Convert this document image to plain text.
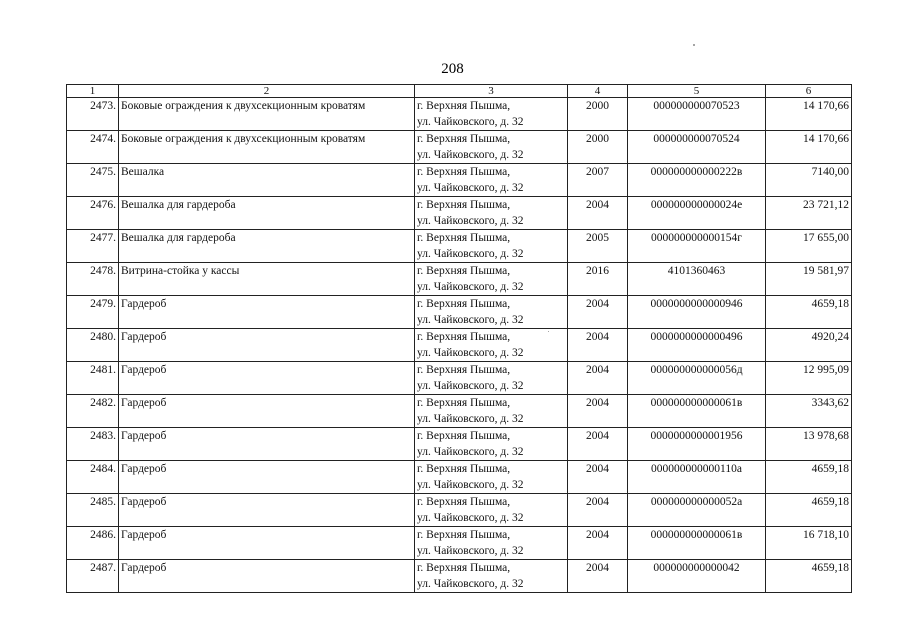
208
1	2	3	4	5	6
2473.	Боковые ограждения к двухсекционным кроватям	г. Верхняя Пышма,
ул. Чайковского, д. 32	2000	000000000070523	14 170,66
2474.	Боковые ограждения к двухсекционным кроватям	г. Верхняя Пышма,
ул. Чайковского, д. 32	2000	000000000070524	14 170,66
2475.	Вешалка	г. Верхняя Пышма,
ул. Чайковского, д. 32	2007	000000000000222в	7140,00
2476.	Вешалка для гардероба	г. Верхняя Пышма,
ул. Чайковского, д. 32	2004	000000000000024е	23 721,12
2477.	Вешалка для гардероба	г. Верхняя Пышма,
ул. Чайковского, д. 32	2005	000000000000154г	17 655,00
2478.	Витрина-стойка у кассы	г. Верхняя Пышма,
ул. Чайковского, д. 32	2016	4101360463	19 581,97
2479.	Гардероб	г. Верхняя Пышма,
ул. Чайковского, д. 32	2004	0000000000000946	4659,18
2480.	Гардероб	г. Верхняя Пышма,
ул. Чайковского, д. 32	2004	0000000000000496	4920,24
2481.	Гардероб	г. Верхняя Пышма,
ул. Чайковского, д. 32	2004	000000000000056д	12 995,09
2482.	Гардероб	г. Верхняя Пышма,
ул. Чайковского, д. 32	2004	000000000000061в	3343,62
2483.	Гардероб	г. Верхняя Пышма,
ул. Чайковского, д. 32	2004	0000000000001956	13 978,68
2484.	Гардероб	г. Верхняя Пышма,
ул. Чайковского, д. 32	2004	000000000000110а	4659,18
2485.	Гардероб	г. Верхняя Пышма,
ул. Чайковского, д. 32	2004	000000000000052а	4659,18
2486.	Гардероб	г. Верхняя Пышма,
ул. Чайковского, д. 32	2004	000000000000061в	16 718,10
2487.	Гардероб	г. Верхняя Пышма,
ул. Чайковского, д. 32	2004	000000000000042	4659,18
